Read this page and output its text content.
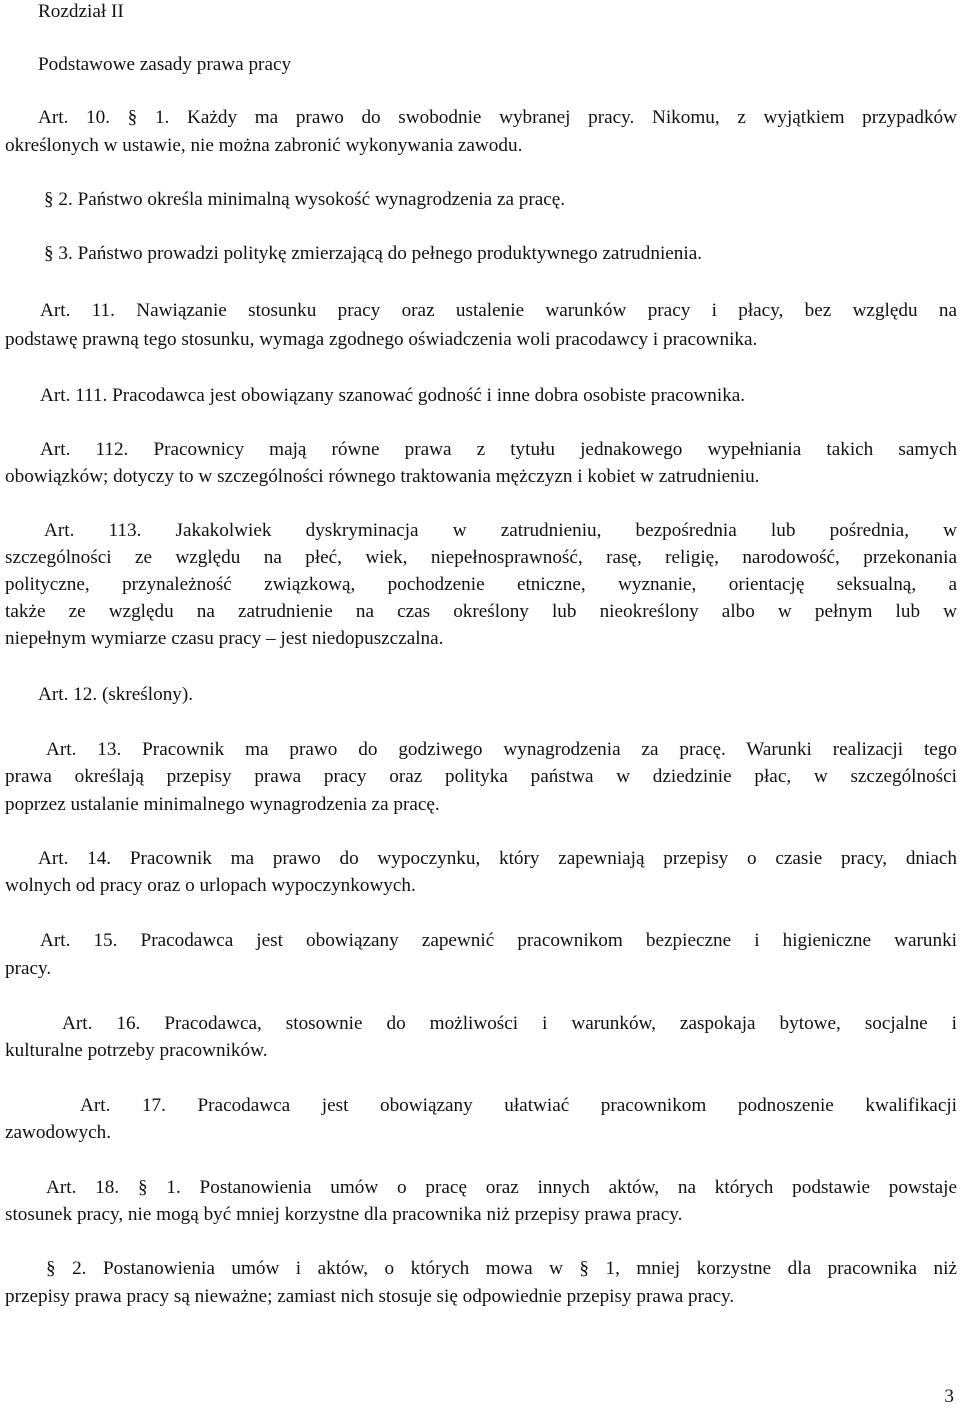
Rozdział II
Podstawowe zasady prawa pracy
Art. 10. § 1. Każdy ma prawo do swobodnie wybranej pracy. Nikomu, z wyjątkiem przypadków
określonych w ustawie, nie można zabronić wykonywania zawodu.
§ 2. Państwo określa minimalną wysokość wynagrodzenia za pracę.
§ 3. Państwo prowadzi politykę zmierzającą do pełnego produktywnego zatrudnienia.
Art. 11. Nawiązanie stosunku pracy oraz ustalenie warunków pracy i płacy, bez względu na
podstawę prawną tego stosunku, wymaga zgodnego oświadczenia woli pracodawcy i pracownika.
Art. 111. Pracodawca jest obowiązany szanować godność i inne dobra osobiste pracownika.
Art. 112. Pracownicy mają równe prawa z tytułu jednakowego wypełniania takich samych
obowiązków; dotyczy to w szczególności równego traktowania mężczyzn i kobiet w zatrudnieniu.
Art. 113. Jakakolwiek dyskryminacja w zatrudnieniu, bezpośrednia lub pośrednia, w
szczególności ze względu na płeć, wiek, niepełnosprawność, rasę, religię, narodowość, przekonania
polityczne, przynależność związkową, pochodzenie etniczne, wyznanie, orientację seksualną, a
także ze względu na zatrudnienie na czas określony lub nieokreślony albo w pełnym lub w
niepełnym wymiarze czasu pracy – jest niedopuszczalna.
Art. 12. (skreślony).
Art. 13. Pracownik ma prawo do godziwego wynagrodzenia za pracę. Warunki realizacji tego
prawa określają przepisy prawa pracy oraz polityka państwa w dziedzinie płac, w szczególności
poprzez ustalanie minimalnego wynagrodzenia za pracę.
Art. 14. Pracownik ma prawo do wypoczynku, który zapewniają przepisy o czasie pracy, dniach
wolnych od pracy oraz o urlopach wypoczynkowych.
Art. 15. Pracodawca jest obowiązany zapewnić pracownikom bezpieczne i higieniczne warunki
pracy.
Art. 16. Pracodawca, stosownie do możliwości i warunków, zaspokaja bytowe, socjalne i
kulturalne potrzeby pracowników.
Art. 17. Pracodawca jest obowiązany ułatwiać pracownikom podnoszenie kwalifikacji
zawodowych.
Art. 18. § 1. Postanowienia umów o pracę oraz innych aktów, na których podstawie powstaje
stosunek pracy, nie mogą być mniej korzystne dla pracownika niż przepisy prawa pracy.
§ 2. Postanowienia umów i aktów, o których mowa w § 1, mniej korzystne dla pracownika niż
przepisy prawa pracy są nieważne; zamiast nich stosuje się odpowiednie przepisy prawa pracy.
3
